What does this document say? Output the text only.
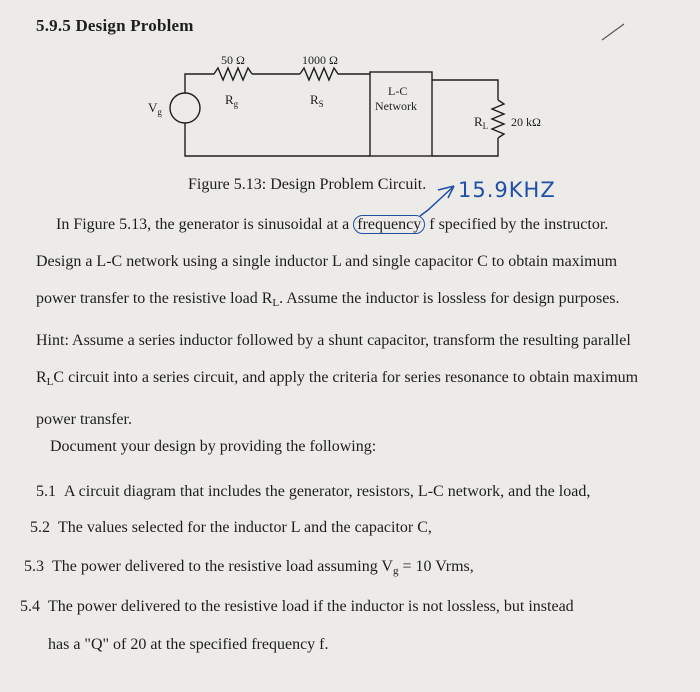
5.9.5 Design Problem
50 Ω
$R_g$
1000 Ω
$R_S$
L-C
Network
$V_g$
$R_L$ 20 kΩ
Figure 5.13: Design Problem Circuit. 15.9KHZ
In Figure 5.13, the generator is sinusoidal at a frequency f specified by the instructor. Design a L-C network using a single inductor L and single capacitor C to obtain maximum power transfer to the resistive load $R_L$. Assume the inductor is lossless for design purposes. Hint: Assume a series inductor followed by a shunt capacitor, transform the resulting parallel $R_LC$ circuit into a series circuit, and apply the criteria for series resonance to obtain maximum power transfer.
Document your design by providing the following:
5.1 A circuit diagram that includes the generator, resistors, L-C network, and the load,
5.2 The values selected for the inductor L and the capacitor C,
5.3 The power delivered to the resistive load assuming $V_g = 10$ Vrms,
5.4 The power delivered to the resistive load if the inductor is not lossless, but instead
has a "Q" of 20 at the specified frequency f.
